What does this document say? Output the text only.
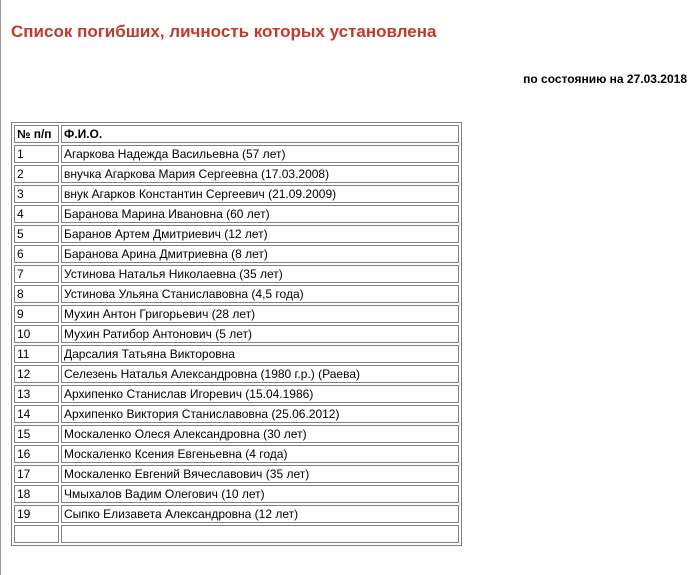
Список погибших, личность которых установлена
по состоянию на 27.03.2018
№ п/п	Ф.И.О.
1	Агаркова Надежда Васильевна (57 лет)
2	внучка Агаркова Мария Сергеевна (17.03.2008)
3	внук Агарков Константин Сергеевич (21.09.2009)
4	Баранова Марина Ивановна (60 лет)
5	Баранов Артем Дмитриевич (12 лет)
6	Баранова Арина Дмитриевна (8 лет)
7	Устинова Наталья Николаевна (35 лет)
8	Устинова Ульяна Станиславовна (4,5 года)
9	Мухин Антон Григорьевич (28 лет)
10	Мухин Ратибор Антонович (5 лет)
11	Дарсалия Татьяна Викторовна
12	Селезень Наталья Александровна (1980 г.р.) (Раева)
13	Архипенко Станислав Игоревич (15.04.1986)
14	Архипенко Виктория Станиславовна (25.06.2012)
15	Москаленко Олеся Александровна (30 лет)
16	Москаленко Ксения Евгеньевна (4 года)
17	Москаленко Евгений Вячеславович (35 лет)
18	Чмыхалов Вадим Олегович (10 лет)
19	Сыпко Елизавета Александровна (12 лет)
